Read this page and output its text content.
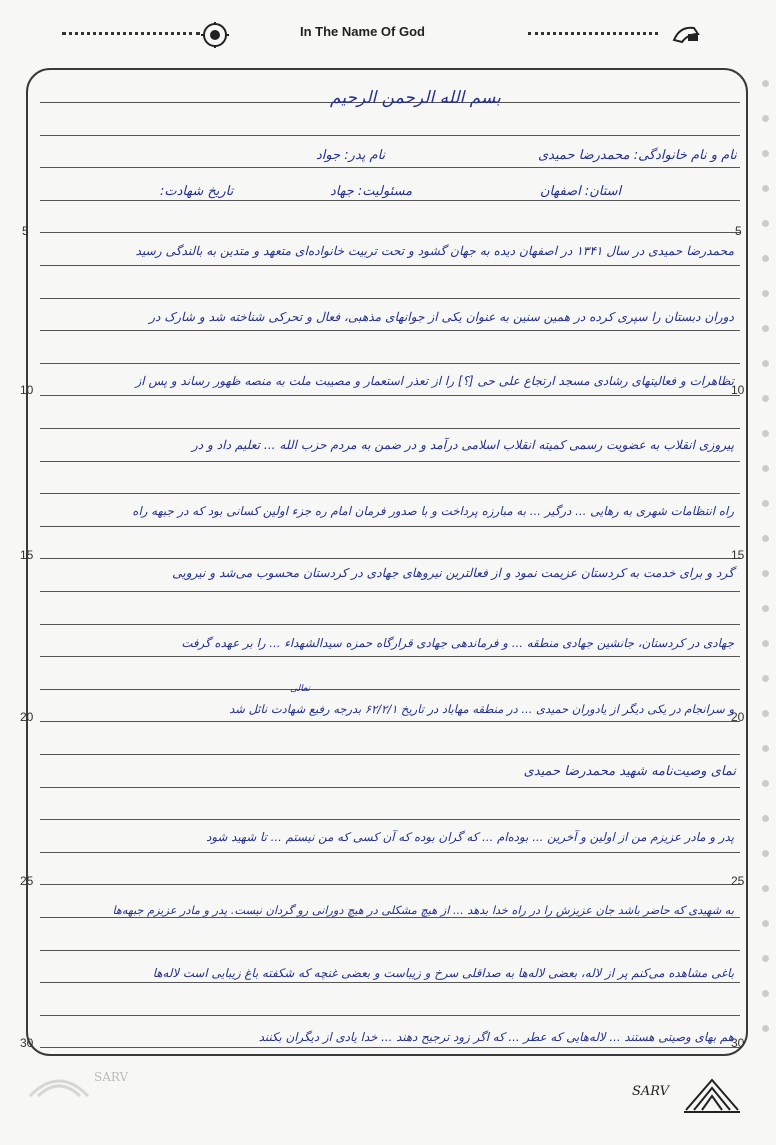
In The Name Of God
5	5
10	10
15	15
20	20
25	25
30	30
بسم الله الرحمن الرحیم
نام و نام خانوادگی: محمدرضا حمیدی
نام پدر: جواد
استان: اصفهان
مسئولیت: جهاد
تاریخ شهادت:
محمدرضا حمیدی در سال ۱۳۴۱ در اصفهان دیده به جهان گشود و تحت تربیت خانواده‌ای متعهد و متدین به بالندگی رسید
دوران دبستان را سپری کرده در همین سنین به عنوان یکی از جوانهای مذهبی، فعال و تحرکی شناخته شد و شارک در
تظاهرات و فعالیتهای رشادی مسجد ارتجاع علی حی [؟] را از تعذر استعمار و مصیبت ملت به منصه ظهور رساند و پس از
پیروزی انقلاب به عضویت رسمی کمیته انقلاب اسلامی درآمد و در ضمن به مردم حزب الله ... تعلیم داد و در
راه انتظامات شهری به رهایی ... درگیر ... به مبارزه پرداخت و با صدور فرمان امام ره جزء اولین کسانی بود که در جبهه راه
گرد و برای خدمت به کردستان عزیمت نمود و از فعالترین نیروهای جهادی در کردستان محسوب می‌شد و نیرویی
جهادی در کردستان، جانشین جهادی منطقه ... و فرماندهی جهادی قرارگاه حمزه سیدالشهداء ... را بر عهده گرفت
و سرانجام در یکی دیگر از یادوران حمیدی ... در منطقه مهاباد در تاریخ ۶۲/۲/۱ بدرجه رفیع شهادت نائل شد
تعالی
نمای وصیت‌نامه شهید محمدرضا حمیدی
پدر و مادر عزیزم من از اولین و آخرین ... بوده‌ام ... که گران بوده که آن کسی که من نیستم ... تا شهید شود
به شهیدی که حاضر باشد جان عزیزش را در راه خدا بدهد ... از هیچ مشکلی در هیچ دورانی رو گردان نیست. پدر و مادر عزیزم جبهه‌ها
باغی مشاهده می‌کنم پر از لاله، بعضی لاله‌ها به صداقلی سرخ و زیباست و بعضی غنچه که شکفته باغ زیبایی است لاله‌ها
هم بهای وصیتی هستند ... لاله‌هایی که عطر ... که اگر زود ترجیح دهند ... خدا یادی از دیگران بکنند
SARV
SARV
